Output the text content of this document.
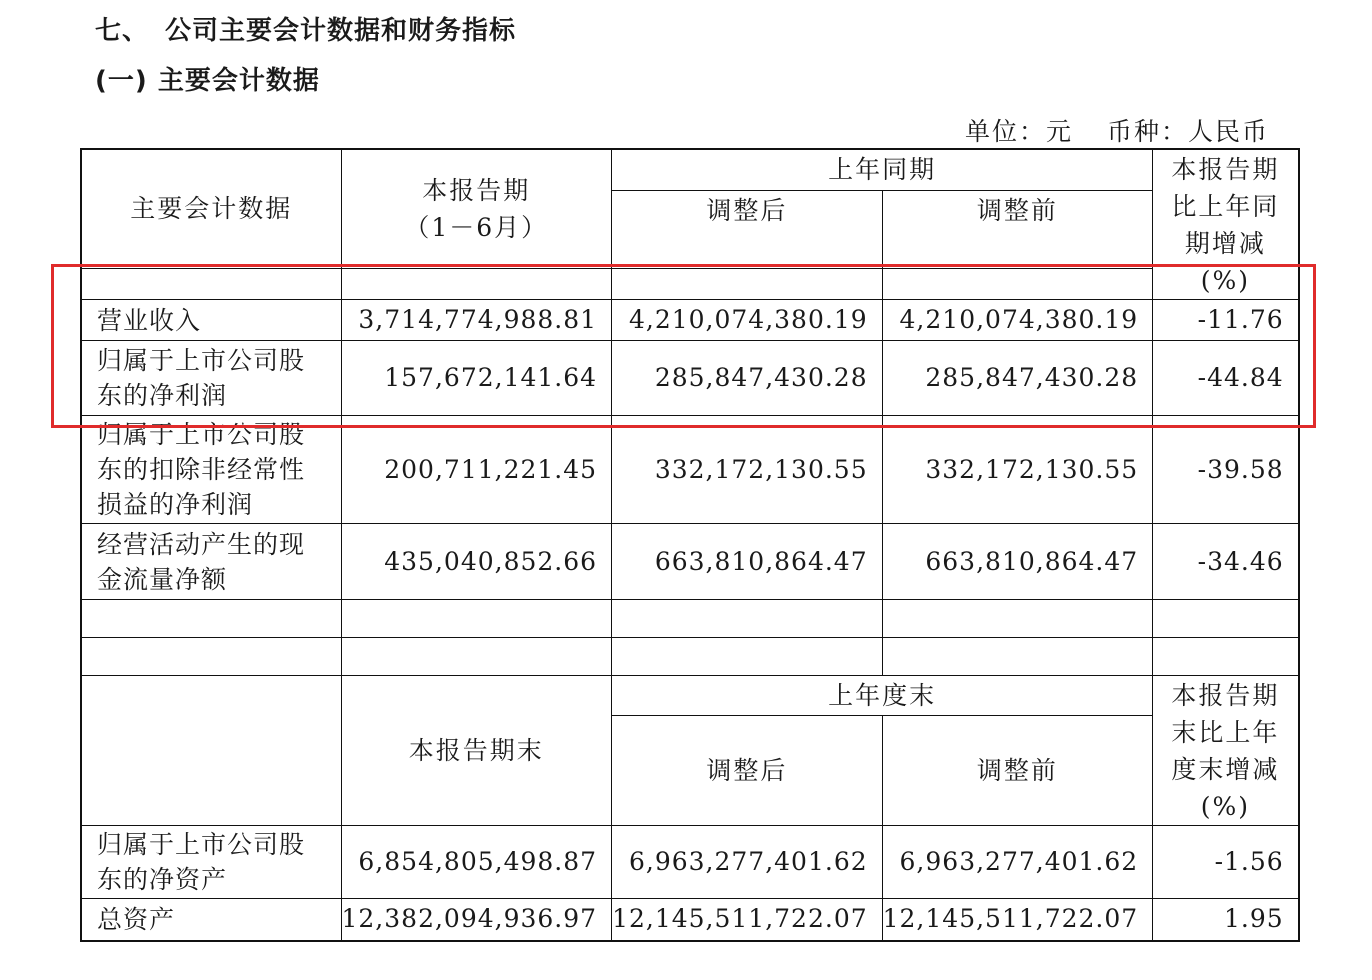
七、 公司主要会计数据和财务指标
(一) 主要会计数据
单位：元 币种：人民币
主要会计数据	本报告期
（1－6月）	上年同期		本报告期
比上年同
期增减
(%)

		调整后	调整前	

营业收入	3,714,774,988.81	4,210,074,380.19	4,210,074,380.19	-11.76

归属于上市公司股
东的净利润	157,672,141.64	285,847,430.28	285,847,430.28	-44.84

归属于上市公司股
东的扣除非经常性
损益的净利润	200,711,221.45	332,172,130.55	332,172,130.55	-39.58

经营活动产生的现
金流量净额	435,040,852.66	663,810,864.47	663,810,864.47	-34.46

	本报告期末	上年度末		本报告期
末比上年
度末增减
(%)

		调整后	调整前	

归属于上市公司股
东的净资产	6,854,805,498.87	6,963,277,401.62	6,963,277,401.62	-1.56

总资产	12,382,094,936.97	12,145,511,722.07	12,145,511,722.07	1.95
